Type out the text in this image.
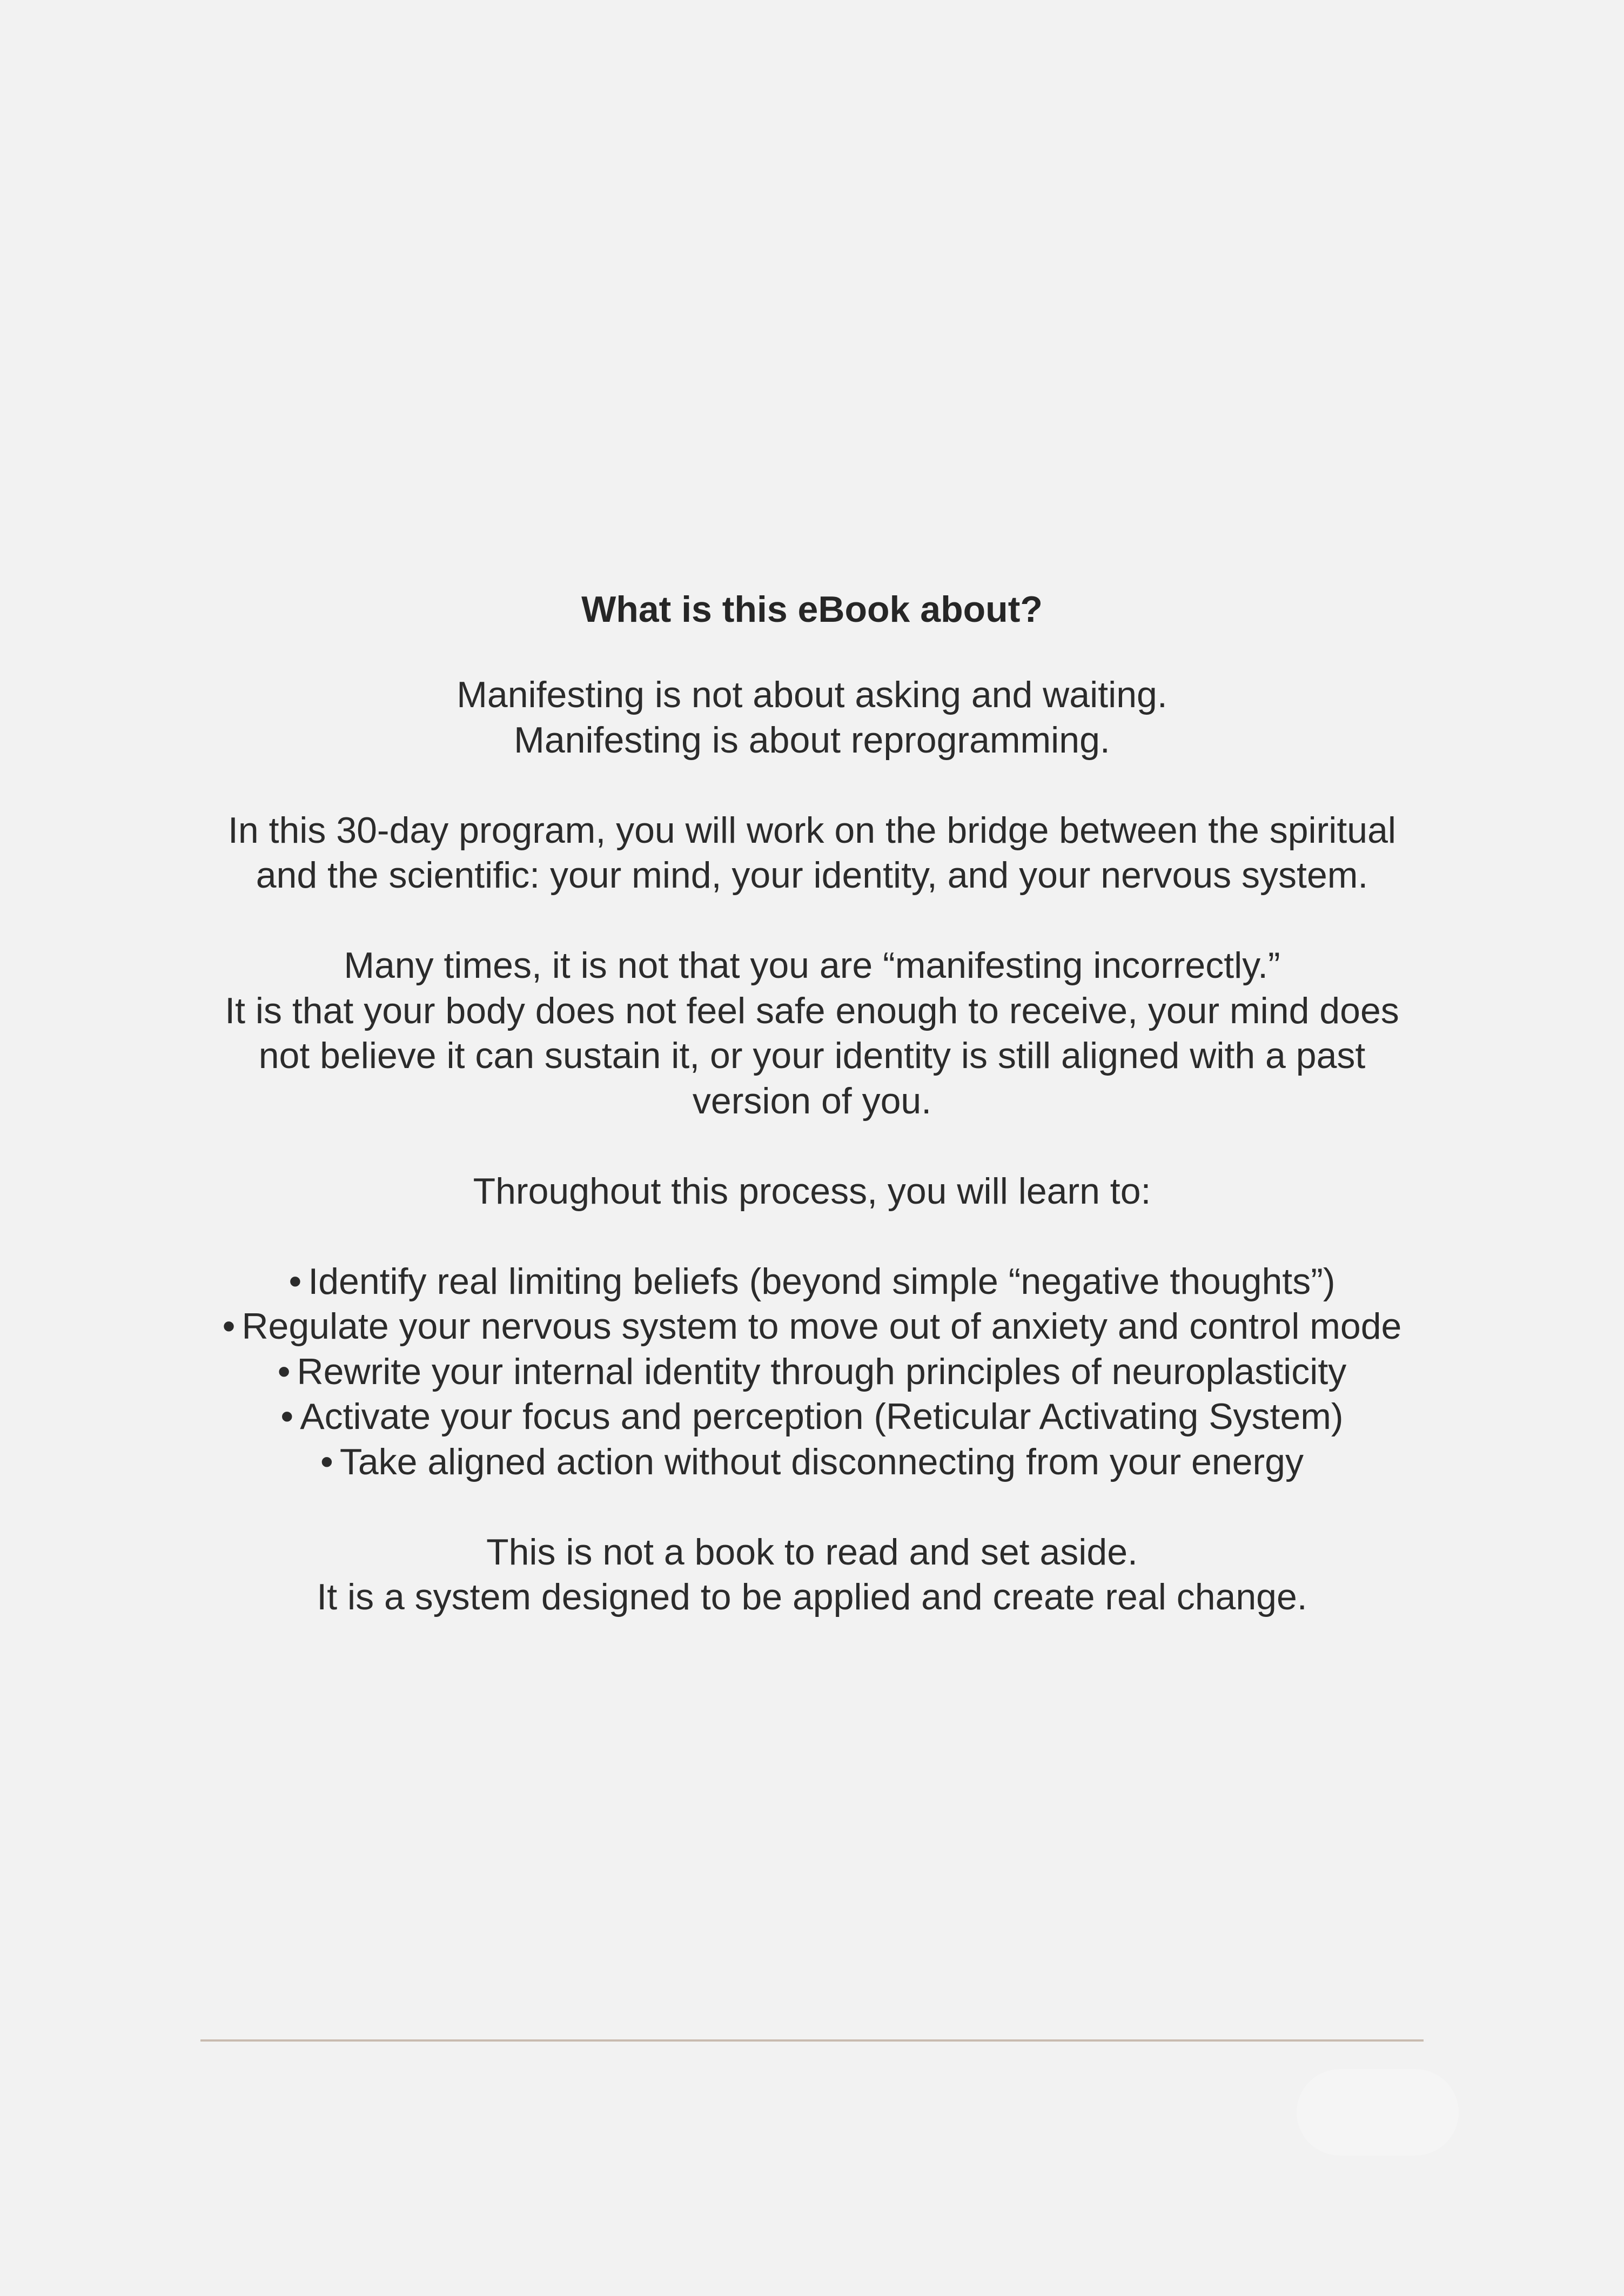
What is this eBook about?

Manifesting is not about asking and waiting.
Manifesting is about reprogramming.

In this 30-day program, you will work on the bridge between the spiritual and the scientific: your mind, your identity, and your nervous system.

Many times, it is not that you are “manifesting incorrectly.”
It is that your body does not feel safe enough to receive, your mind does not believe it can sustain it, or your identity is still aligned with a past version of you.

Throughout this process, you will learn to:

• Identify real limiting beliefs (beyond simple “negative thoughts”)
• Regulate your nervous system to move out of anxiety and control mode
• Rewrite your internal identity through principles of neuroplasticity
• Activate your focus and perception (Reticular Activating System)
• Take aligned action without disconnecting from your energy

This is not a book to read and set aside.
It is a system designed to be applied and create real change.
